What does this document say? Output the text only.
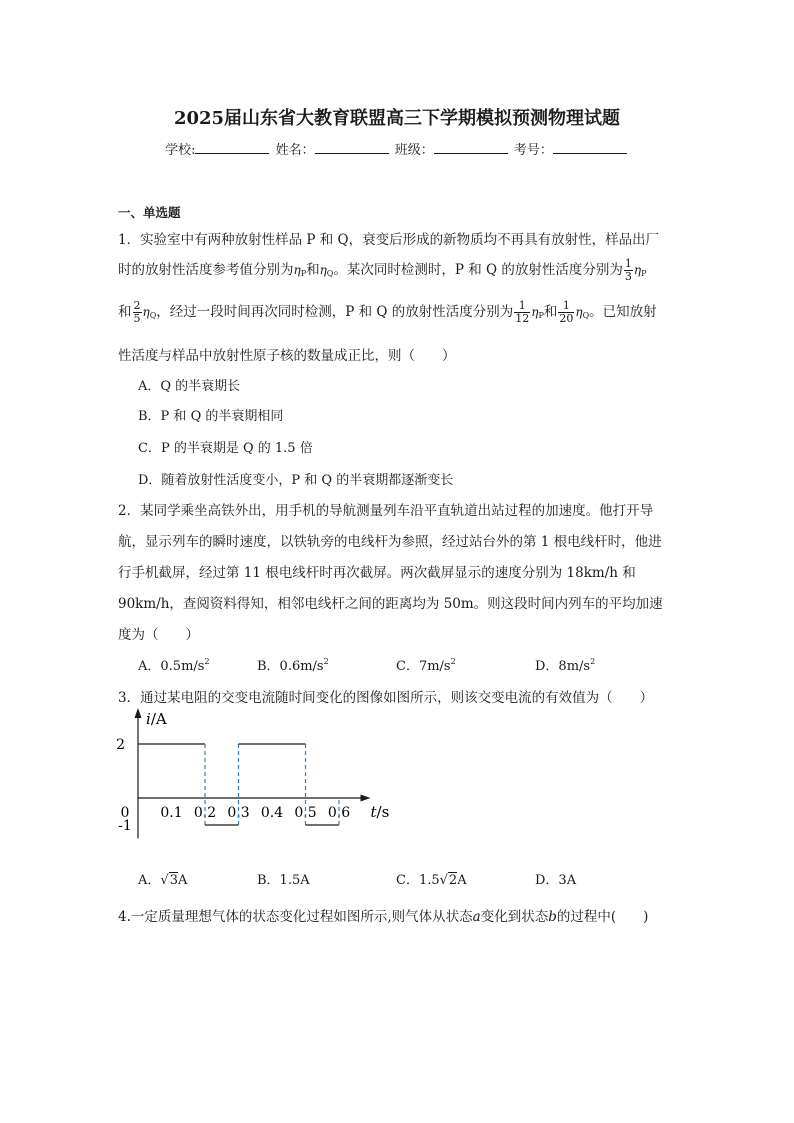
2025届山东省大教育联盟高三下学期模拟预测物理试题
学校:	姓名：	班级：	考号：
一、单选题
1．实验室中有两种放射性样品 P 和 Q，衰变后形成的新物质均不再具有放射性，样品出厂
时的放射性活度参考值分别为$\eta_P$和$\eta_Q$。某次同时检测时，P 和 Q 的放射性活度分别为 $\frac{1}{3} \eta_P$
和 $\frac{2}{5} \eta_Q$，经过一段时间再次同时检测，P 和 Q 的放射性活度分别为 $\frac{1}{12} \eta_P$和 $\frac{1}{20} \eta_Q$。已知放射
性活度与样品中放射性原子核的数量成正比，则（　　）
A．Q 的半衰期长
B．P 和 Q 的半衰期相同
C．P 的半衰期是 Q 的 1.5 倍
D．随着放射性活度变小，P 和 Q 的半衰期都逐渐变长
2．某同学乘坐高铁外出，用手机的导航测量列车沿平直轨道出站过程的加速度。他打开导
航，显示列车的瞬时速度，以铁轨旁的电线杆为参照，经过站台外的第 1 根电线杆时，他进
行手机截屏，经过第 11 根电线杆时再次截屏。两次截屏显示的速度分别为 18km/h 和
90km/h，查阅资料得知，相邻电线杆之间的距离均为 50m。则这段时间内列车的平均加速
度为（　　）
A．$0.5m/s^2$	B．$0.6m/s^2$	C．$7m/s^2$	D．$8m/s^2$
3．通过某电阻的交变电流随时间变化的图像如图所示，则该交变电流的有效值为（　　）
i/A
t/s
0.1 0.2 0.3 0.4 0.5 0.6
2
0
-1
A．√3A	B．1.5A	C．1.5√2A	D．3A
4.一定质量理想气体的状态变化过程如图所示,则气体从状态a变化到状态b的过程中(　　)
